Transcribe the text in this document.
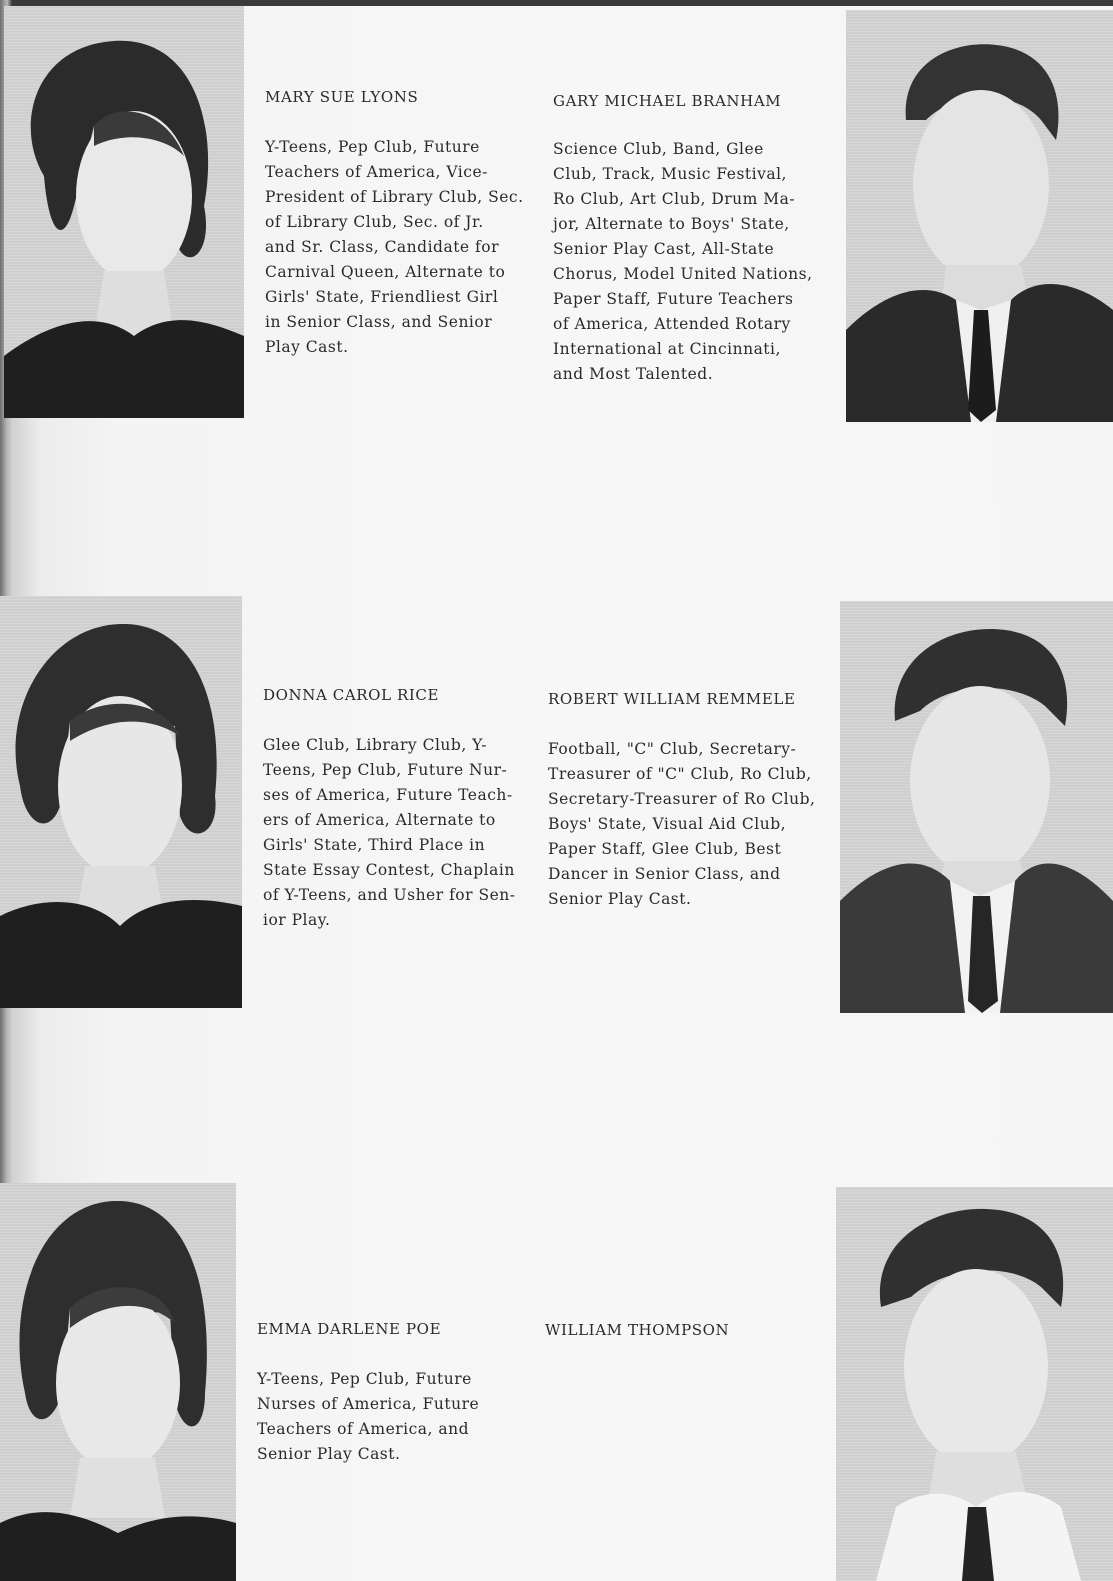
MARY SUE LYONS
Y-Teens, Pep Club, Future
Teachers of America, Vice-
President of Library Club, Sec.
of Library Club, Sec. of Jr.
and Sr. Class, Candidate for
Carnival Queen, Alternate to
Girls' State, Friendliest Girl
in Senior Class, and Senior
Play Cast.
GARY MICHAEL BRANHAM
Science Club, Band, Glee
Club, Track, Music Festival,
Ro Club, Art Club, Drum Ma-
jor, Alternate to Boys' State,
Senior Play Cast, All-State
Chorus, Model United Nations,
Paper Staff, Future Teachers
of America, Attended Rotary
International at Cincinnati,
and Most Talented.
DONNA CAROL RICE
Glee Club, Library Club, Y-
Teens, Pep Club, Future Nur-
ses of America, Future Teach-
ers of America, Alternate to
Girls' State, Third Place in
State Essay Contest, Chaplain
of Y-Teens, and Usher for Sen-
ior Play.
ROBERT WILLIAM REMMELE
Football, "C" Club, Secretary-
Treasurer of "C" Club, Ro Club,
Secretary-Treasurer of Ro Club,
Boys' State, Visual Aid Club,
Paper Staff, Glee Club, Best
Dancer in Senior Class, and
Senior Play Cast.
EMMA DARLENE POE
Y-Teens, Pep Club, Future
Nurses of America, Future
Teachers of America, and
Senior Play Cast.
WILLIAM THOMPSON
